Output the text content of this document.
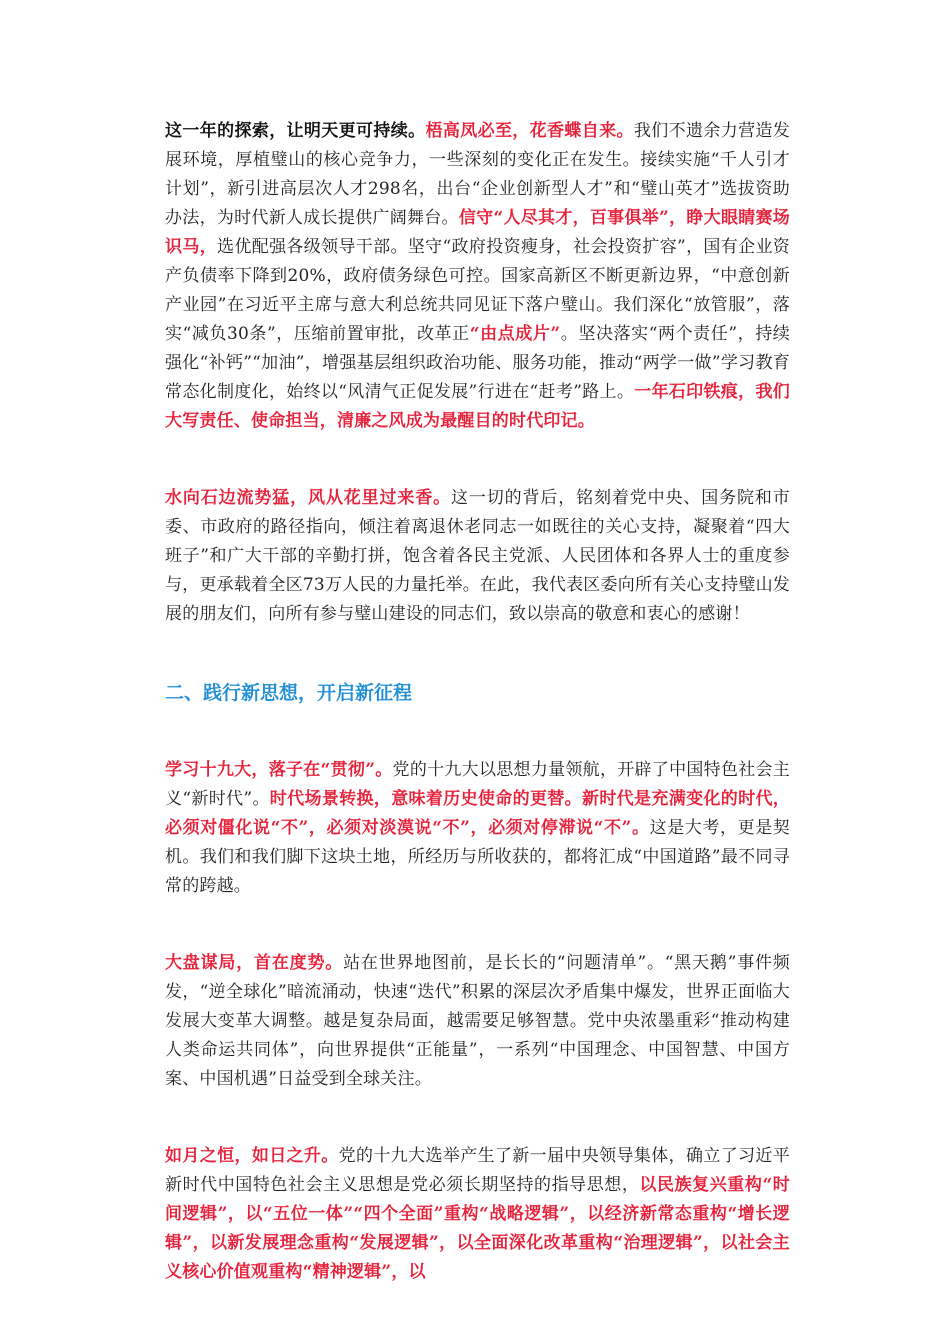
这一年的探索，让明天更可持续。梧高凤必至，花香蝶自来。我们不遗余力营造发展环境，厚植璧山的核心竞争力，一些深刻的变化正在发生。接续实施“千人引才计划”，新引进高层次人才298名，出台“企业创新型人才”和“璧山英才”选拔资助办法，为时代新人成长提供广阔舞台。信守“人尽其才，百事俱举”，睁大眼睛赛场识马，选优配强各级领导干部。坚守“政府投资瘦身，社会投资扩容”，国有企业资产负债率下降到20%，政府债务绿色可控。国家高新区不断更新边界，“中意创新产业园”在习近平主席与意大利总统共同见证下落户璧山。我们深化“放管服”，落实“减负30条”，压缩前置审批，改革正“由点成片”。坚决落实“两个责任”，持续强化“补钙”“加油”，增强基层组织政治功能、服务功能，推动“两学一做”学习教育常态化制度化，始终以“风清气正促发展”行进在“赶考”路上。一年石印铁痕，我们大写责任、使命担当，清廉之风成为最醒目的时代印记。

水向石边流势猛，风从花里过来香。这一切的背后，铭刻着党中央、国务院和市委、市政府的路径指向，倾注着离退休老同志一如既往的关心支持，凝聚着“四大班子”和广大干部的辛勤打拼，饱含着各民主党派、人民团体和各界人士的重度参与，更承载着全区73万人民的力量托举。在此，我代表区委向所有关心支持璧山发展的朋友们，向所有参与璧山建设的同志们，致以崇高的敬意和衷心的感谢！

二、践行新思想，开启新征程

学习十九大，落子在“贯彻”。党的十九大以思想力量领航，开辟了中国特色社会主义“新时代”。时代场景转换，意味着历史使命的更替。新时代是充满变化的时代，必须对僵化说“不”，必须对淡漠说“不”，必须对停滞说“不”。这是大考，更是契机。我们和我们脚下这块土地，所经历与所收获的，都将汇成“中国道路”最不同寻常的跨越。

大盘谋局，首在度势。站在世界地图前，是长长的“问题清单”。“黑天鹅”事件频发，“逆全球化”暗流涌动，快速“迭代”积累的深层次矛盾集中爆发，世界正面临大发展大变革大调整。越是复杂局面，越需要足够智慧。党中央浓墨重彩“推动构建人类命运共同体”，向世界提供“正能量”，一系列“中国理念、中国智慧、中国方案、中国机遇”日益受到全球关注。

如月之恒，如日之升。党的十九大选举产生了新一届中央领导集体，确立了习近平新时代中国特色社会主义思想是党必须长期坚持的指导思想，以民族复兴重构“时间逻辑”，以“五位一体”“四个全面”重构“战略逻辑”，以经济新常态重构“增长逻辑”，以新发展理念重构“发展逻辑”，以全面深化改革重构“治理逻辑”，以社会主义核心价值观重构“精神逻辑”，以
